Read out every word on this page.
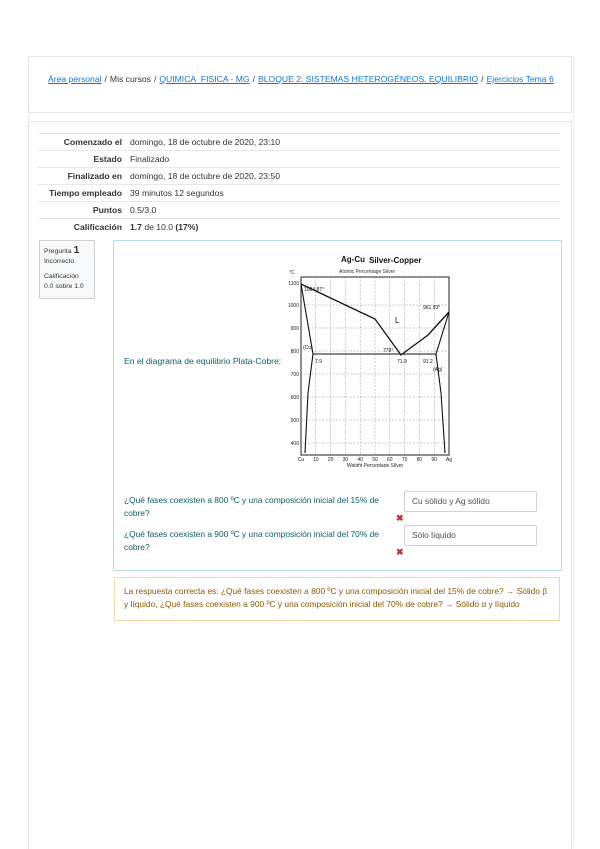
Área personal / Mis cursos / QUIMICA_FISICA - MG / BLOQUE 2: SISTEMAS HETEROGÉNEOS. EQUILIBRIO / Ejercicios Tema 6
Comenzado el	domingo, 18 de octubre de 2020, 23:10
Estado	Finalizado
Finalizado en	domingo, 18 de octubre de 2020, 23:50
Tiempo empleado	39 minutos 12 segundos
Puntos	0.5/3.0
Calificación	1.7 de 10.0 (17%)
Pregunta 1
Incorrecto
Calificación 0.0 sobre 1.0
En el diagrama de equilibrio Plata-Cobre:
Ag-Cu Silver-Copper
Atomic Percentage Silver
°C
1100
1000
900
800
700
600
500
400
Cu 10 20 30 40 50 60 70 80 90 Ag
Weight Percentage Silver
L
(Cu)
(Ag)
71.9
1084.87°
961.93°
779°
7.9	91.2
¿Qué fases coexisten a 800 ºC y una composición inicial del 15% de cobre?
Cu sólido y Ag sólido
✖
¿Qué fases coexisten a 900 ºC y una composición inicial del 70% de cobre?
Sólo líquido
✖
La respuesta correcta es: ¿Qué fases coexisten a 800 ºC y una composición inicial del 15% de cobre? → Sólido β y líquido, ¿Qué fases coexisten a 900 ºC y una composición inicial del 70% de cobre? → Sólido α y líquido
